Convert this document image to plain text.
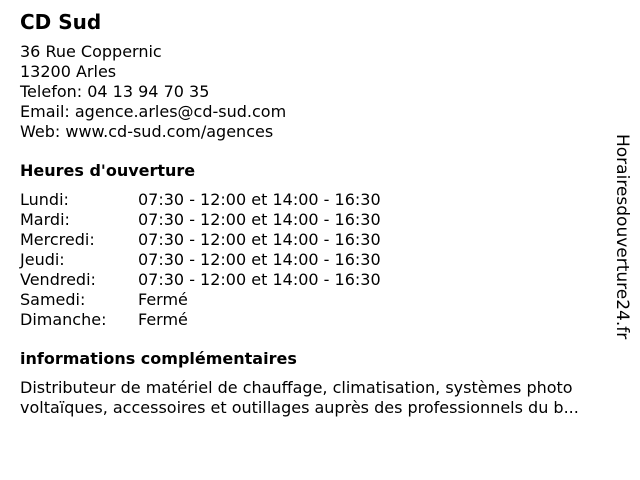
CD Sud
36 Rue Coppernic
13200 Arles
Telefon: 04 13 94 70 35
Email: agence.arles@cd-sud.com
Web: www.cd-sud.com/agences
Heures d'ouverture
Lundi:	07:30 - 12:00 et 14:00 - 16:30
Mardi:	07:30 - 12:00 et 14:00 - 16:30
Mercredi:	07:30 - 12:00 et 14:00 - 16:30
Jeudi:	07:30 - 12:00 et 14:00 - 16:30
Vendredi:	07:30 - 12:00 et 14:00 - 16:30
Samedi:	Fermé
Dimanche:	Fermé
informations complémentaires
Distributeur de matériel de chauffage, climatisation, systèmes photo
voltaïques, accessoires et outillages auprès des professionnels du b...
Horairesdouverture24.fr
